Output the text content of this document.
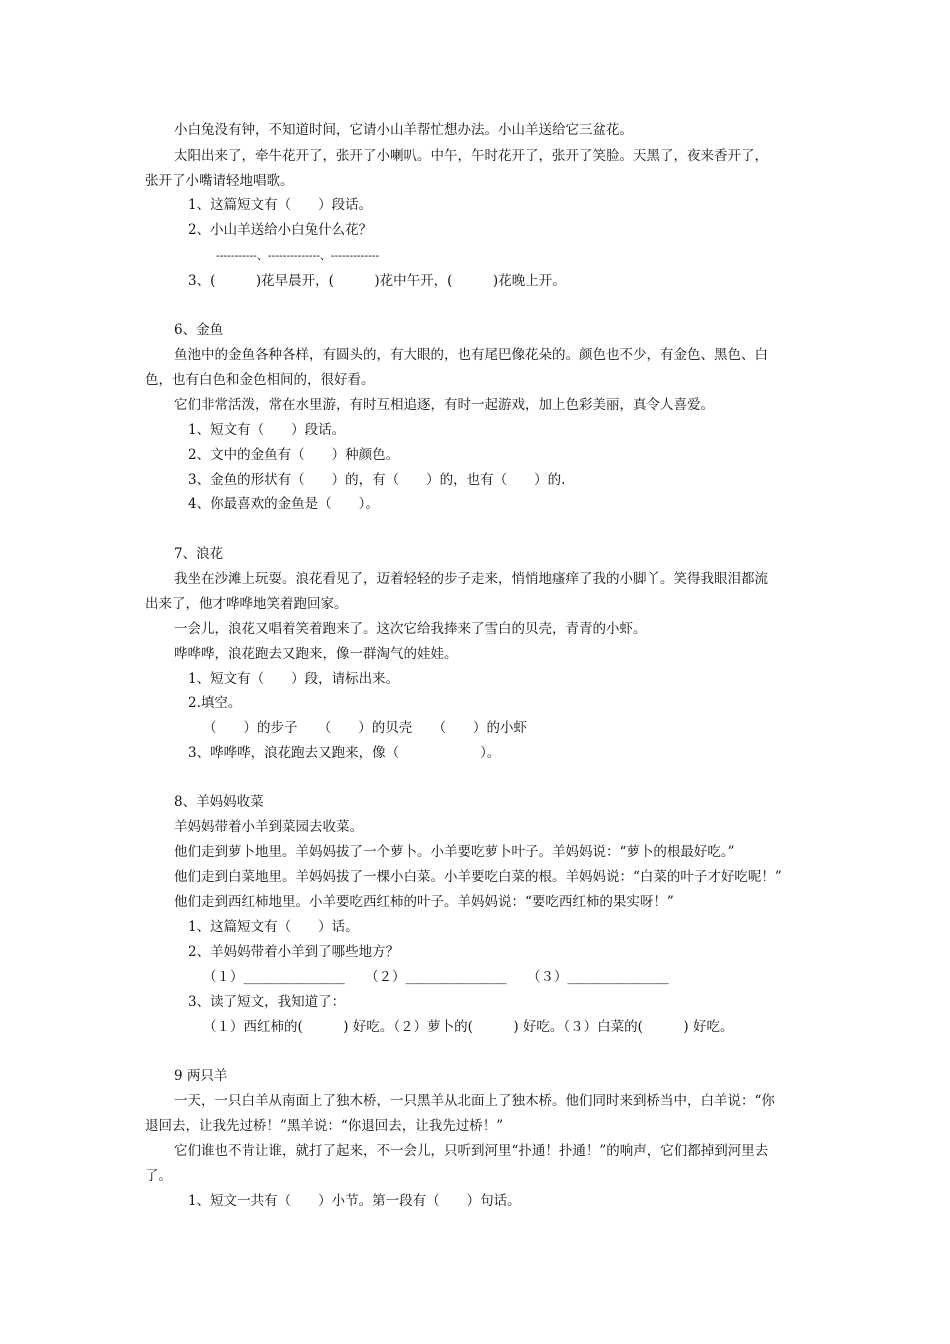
小白兔没有钟，不知道时间，它请小山羊帮忙想办法。小山羊送给它三盆花。
太阳出来了，牵牛花开了，张开了小喇叭。中午，午时花开了，张开了笑脸。天黑了，夜来香开了，
张开了小嘴请轻地唱歌。
1、这篇短文有（　　）段话。
2、小山羊送给小白兔什么花？
-----------、--------------、-------------
3、(　　　)花早晨开，(　　　)花中午开，(　　　)花晚上开。
6、金鱼
鱼池中的金鱼各种各样，有圆头的，有大眼的，也有尾巴像花朵的。颜色也不少，有金色、黑色、白
色，也有白色和金色相间的，很好看。
它们非常活泼，常在水里游，有时互相追逐，有时一起游戏，加上色彩美丽，真令人喜爱。
1、短文有（　　）段话。
2、文中的金鱼有（　　）种颜色。
3、金鱼的形状有（　　）的，有（　　）的，也有（　　）的.
4、你最喜欢的金鱼是（　　）。
7、浪花
我坐在沙滩上玩耍。浪花看见了，迈着轻轻的步子走来，悄悄地瘙痒了我的小脚丫。笑得我眼泪都流
出来了，他才哗哗地笑着跑回家。
一会儿，浪花又唱着笑着跑来了。这次它给我捧来了雪白的贝壳，青青的小虾。
哗哗哗，浪花跑去又跑来，像一群淘气的娃娃。
1、短文有（　　）段，请标出来。
2.填空。
（　　）的步子　　（　　）的贝壳　　（　　）的小虾
3、哗哗哗，浪花跑去又跑来，像（　　　　　　）。
8、羊妈妈收菜
羊妈妈带着小羊到菜园去收菜。
他们走到萝卜地里。羊妈妈拔了一个萝卜。小羊要吃萝卜叶子。羊妈妈说：“萝卜的根最好吃。”
他们走到白菜地里。羊妈妈拔了一棵小白菜。小羊要吃白菜的根。羊妈妈说：“白菜的叶子才好吃呢！”
他们走到西红柿地里。小羊要吃西红柿的叶子。羊妈妈说：“要吃西红柿的果实呀！”
1、这篇短文有（　　）话。
2、羊妈妈带着小羊到了哪些地方？
（１）_______________　　（２）_______________　　（３）_______________
3、读了短文，我知道了：
（１）西红柿的(　　　) 好吃。（２）萝卜的(　　　) 好吃。（３）白菜的(　　　) 好吃。
9 两只羊
一天，一只白羊从南面上了独木桥，一只黑羊从北面上了独木桥。他们同时来到桥当中，白羊说：“你
退回去，让我先过桥！”黑羊说：“你退回去，让我先过桥！”
它们谁也不肯让谁，就打了起来，不一会儿，只听到河里“扑通！扑通！”的响声，它们都掉到河里去
了。
1、短文一共有（　　）小节。第一段有（　　）句话。
